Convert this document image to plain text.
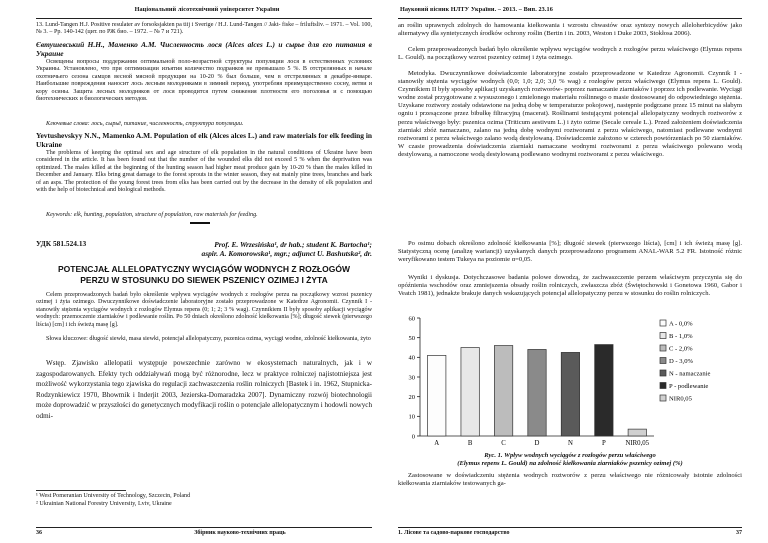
Національний лісотехнічний університет України
13. Lund-Tangen H.J. Positive resulater av forsoksjakten pa tiij i Sverige / H.J. Lund-Tangen // Jakt- fiske – friluftsliv. – 1971. – Vol. 100, № 3. – Pp. 140-142 (цит. по РЖ био. – 1972. – № 7 и 721).
Євтушевський Н.Н., Маменко А.М. Численность лося (Alces alces L.) и сырье для его питания в Украине
Освещены вопросы поддержания оптимальной поло-возрастной структуры популяции лося в естественных условиях Украины. Установлено, что при оптимизации изъятия количество подранков не превышало 5 %. В отстрелянных в начале охотничьего сезона самцов весной мясной продукции на 10-20 % был больше, чем в отстрелянных в декабре-январе. Наибольшие повреждения наносит лось лесным молодняками в зимний период, употребляя преимущественно сосну, ветви и кору осины. Защита лесных молодняков от лося проводится путем снижения плотности его поголовья и с помощью биотехнических и биологических методов.
Ключевые слова: лось, сырьё, питание, численность, структура популяции.
Yevtushevskyy N.N., Mamenko A.M. Population of elk (Alces alces L.) and raw materials for elk feeding in Ukraine
The problems of keeping the optimal sex and age structure of elk population in the natural conditions of Ukraine have been considered in the article. It has been found out that the number of the wounded elks did not exceed 5 % when the deprivation was optimized. The males killed at the beginning of the hunting season had higher meat produce gain by 10-20 % than the males killed in December and January. Elks bring great damage to the forest sprouts in the winter season, they eat mainly pine trees, branches and bark of an asps. The protection of the young forest trees from elks has been carried out by the decrease in the density of elk population and with the help of biotechnical and biological methods.
Keywords: elk, hunting, population, structure of population, raw materials for feeding.
УДК 581.524.13	Prof. E. Wrzesińska¹, dr hab.; student K. Bartocha¹;
aspir. A. Komorowska¹, mgr.; adjunct U. Bashutska², dr.
POTENCJAŁ ALLELOPATYCZNY WYCIĄGÓW WODNYCH Z ROZŁOGÓW
PERZU W STOSUNKU DO SIEWEK PSZENICY OZIMEJ I ŻYTA
Celem przeprowadzonych badań było określenie wpływu wyciągów wodnych z rozłogów perzu na początkowy wzrost pszenicy ozimej i żyta ozimego. Dwuczynnikowe doświadczenie laboratoryjne zostało przeprowadzone w Katedrze Agronomii. Czynnik I -stanowiły stężenia wyciągów wodnych z rozłogów Elymus repens (0; 1; 2; 3 % wag). Czynnikiem II były sposoby aplikacji wyciągów wodnych: przemoczenie ziarniaków i podlewanie roślin. Po 50 dniach określono zdolność kiełkowania [%]; długość siewek (pierwszego liścia) [cm] i ich świeżą masę [g].
Słowa kluczowe: długość siewki, masa siewki, potencjał allelopatyczny, pszenica ozima, wyciągi wodne, zdolność kiełkowania, żyto
Wstęp. Zjawisko allelopatii występuje powszechnie zarówno w ekosystemach naturalnych, jak i w zagospodarowanych. Efekty tych oddziaływań mogą być różnorodne, lecz w praktyce rolniczej najistotniejsza jest możliwość wykorzystania tego zjawiska do regulacji zachwaszczenia roślin rolniczych [Bastek i in. 1962, Stupnicka-Rodzynkiewicz 1970, Bhowmik i Inderjit 2003, Jezierska-Domaradzka 2007]. Dynamiczny rozwój biotechnologii może doprowadzić w przyszłości do genetycznych modyfikacji roślin o potencjale allelopatycznym i hodowli nowych odmi-
¹ West Pomeranian University of Technology, Szczecin, Poland
² Ukrainian National Forestry University, Lviv, Ukraine
36	Збірник науково-технічних праць
Науковий вісник НЛТУ України. – 2013. – Вип. 23.16
an roślin uprawnych zdolnych do hamowania kiełkowania i wzrostu chwastów oraz syntezy nowych alleloherbicydów jako alternatywy dla syntetycznych środków ochrony roślin (Bertin i in. 2003, Weston i Duke 2003, Stokłosa 2006).
Celem przeprowadzonych badań było określenie wpływu wyciągów wodnych z rozłogów perzu właściwego (Elymus repens L. Gould). na początkowy wzrost pszenicy ozimej i żyta ozimego.
Metodyka. Dwuczynnikowe doświadczenie laboratoryjne zostało przeprowadzone w Katedrze Agronomii. Czynnik I -stanowiły stężenia wyciągów wodnych (0,0; 1,0; 2,0; 3,0 % wag) z rozłogów perzu właściwego (Elymus repens L. Gould). Czynnikiem II były sposoby aplikacji uzyskanych roztworów- poprzez namaczanie ziarniaków i poprzez ich podlewanie. Wyciągi wodne został przygotowane z wysuszonego i zmielonego materiału roślinnego o masie dostosowanej do odpowiedniego stężenia. Uzyskane roztwory zostały odstawione na jedną dobę w temperaturze pokojowej, następnie podgrzane przez 15 minut na słabym ogniu i przesączone przez bibułkę filtracyjną (macerat). Roślinami testującymi potencjał allelopatyczny wodnych roztworów z perzu właściwego były: pszenica ozima (Triticum aestivum L.) i żyto ozime (Secale cereale L.). Przed założeniem doświadczenia ziarniaki zbóż namaczano, zalano na jedną dobę wodnymi roztworami z perzu właściwego, natomiast podlewane wodnymi roztworami z perzu właściwego zalano wodą destylowaną. Doświadczenie założono w czterech powtórzeniach po 50 ziarniaków. W czasie prowadzenia doświadczenia ziarniaki namaczane wodnymi roztworami z perzu właściwego polewano wodą destylowaną, a namoczone wodą destylowaną podlewano wodnymi roztworami z perzu właściwego.
Po osimu dobach określono zdolność kiełkowania [%]; długość siewek (pierwszego liścia), [cm] i ich świeżą masę [g]. Statystyczną ocenę (analizę wariancji) uzyskanych danych przeprowadzono programem ANAL-WAR 5.2 FR. Istotność różnic weryfikowano testem Tukeya na poziomie α=0,05.
Wyniki i dyskusja. Dotychczasowe badania polowe dowodzą, że zachwaszczenie perzem właściwym przyczynia się do opóźnienia wschodów oraz zmniejszenia obsady roślin rolniczych, zwłaszcza zbóż (Świętochowski i Gonetowa 1960, Gabor i Veatch 1981), jednakże brakuje danych wskazujących potencjał allelopatyczny perzu w stosunku do roślin rolniczych.
0
10
20
30
40
50
60
A	B	C	D	N	P	NIR0,05
A - 0,0%
B - 1,0%
C - 2,0%
D - 3,0%
N - namaczanie
P - podlewanie
NIR0,05
Ryc. 1. Wpływ wodnych wyciągów z rozłogów perzu właściwego
(Elymus repens L. Gould) na zdolność kiełkowania ziarniaków pszenicy ozimej (%)
Zastosowane w doświadczeniu stężenia wodnych roztworów z perzu właściwego nie różnicowały istotnie zdolności kiełkowania ziarniaków testowanych ga-
1. Лісове та садово-паркове господарство	37
